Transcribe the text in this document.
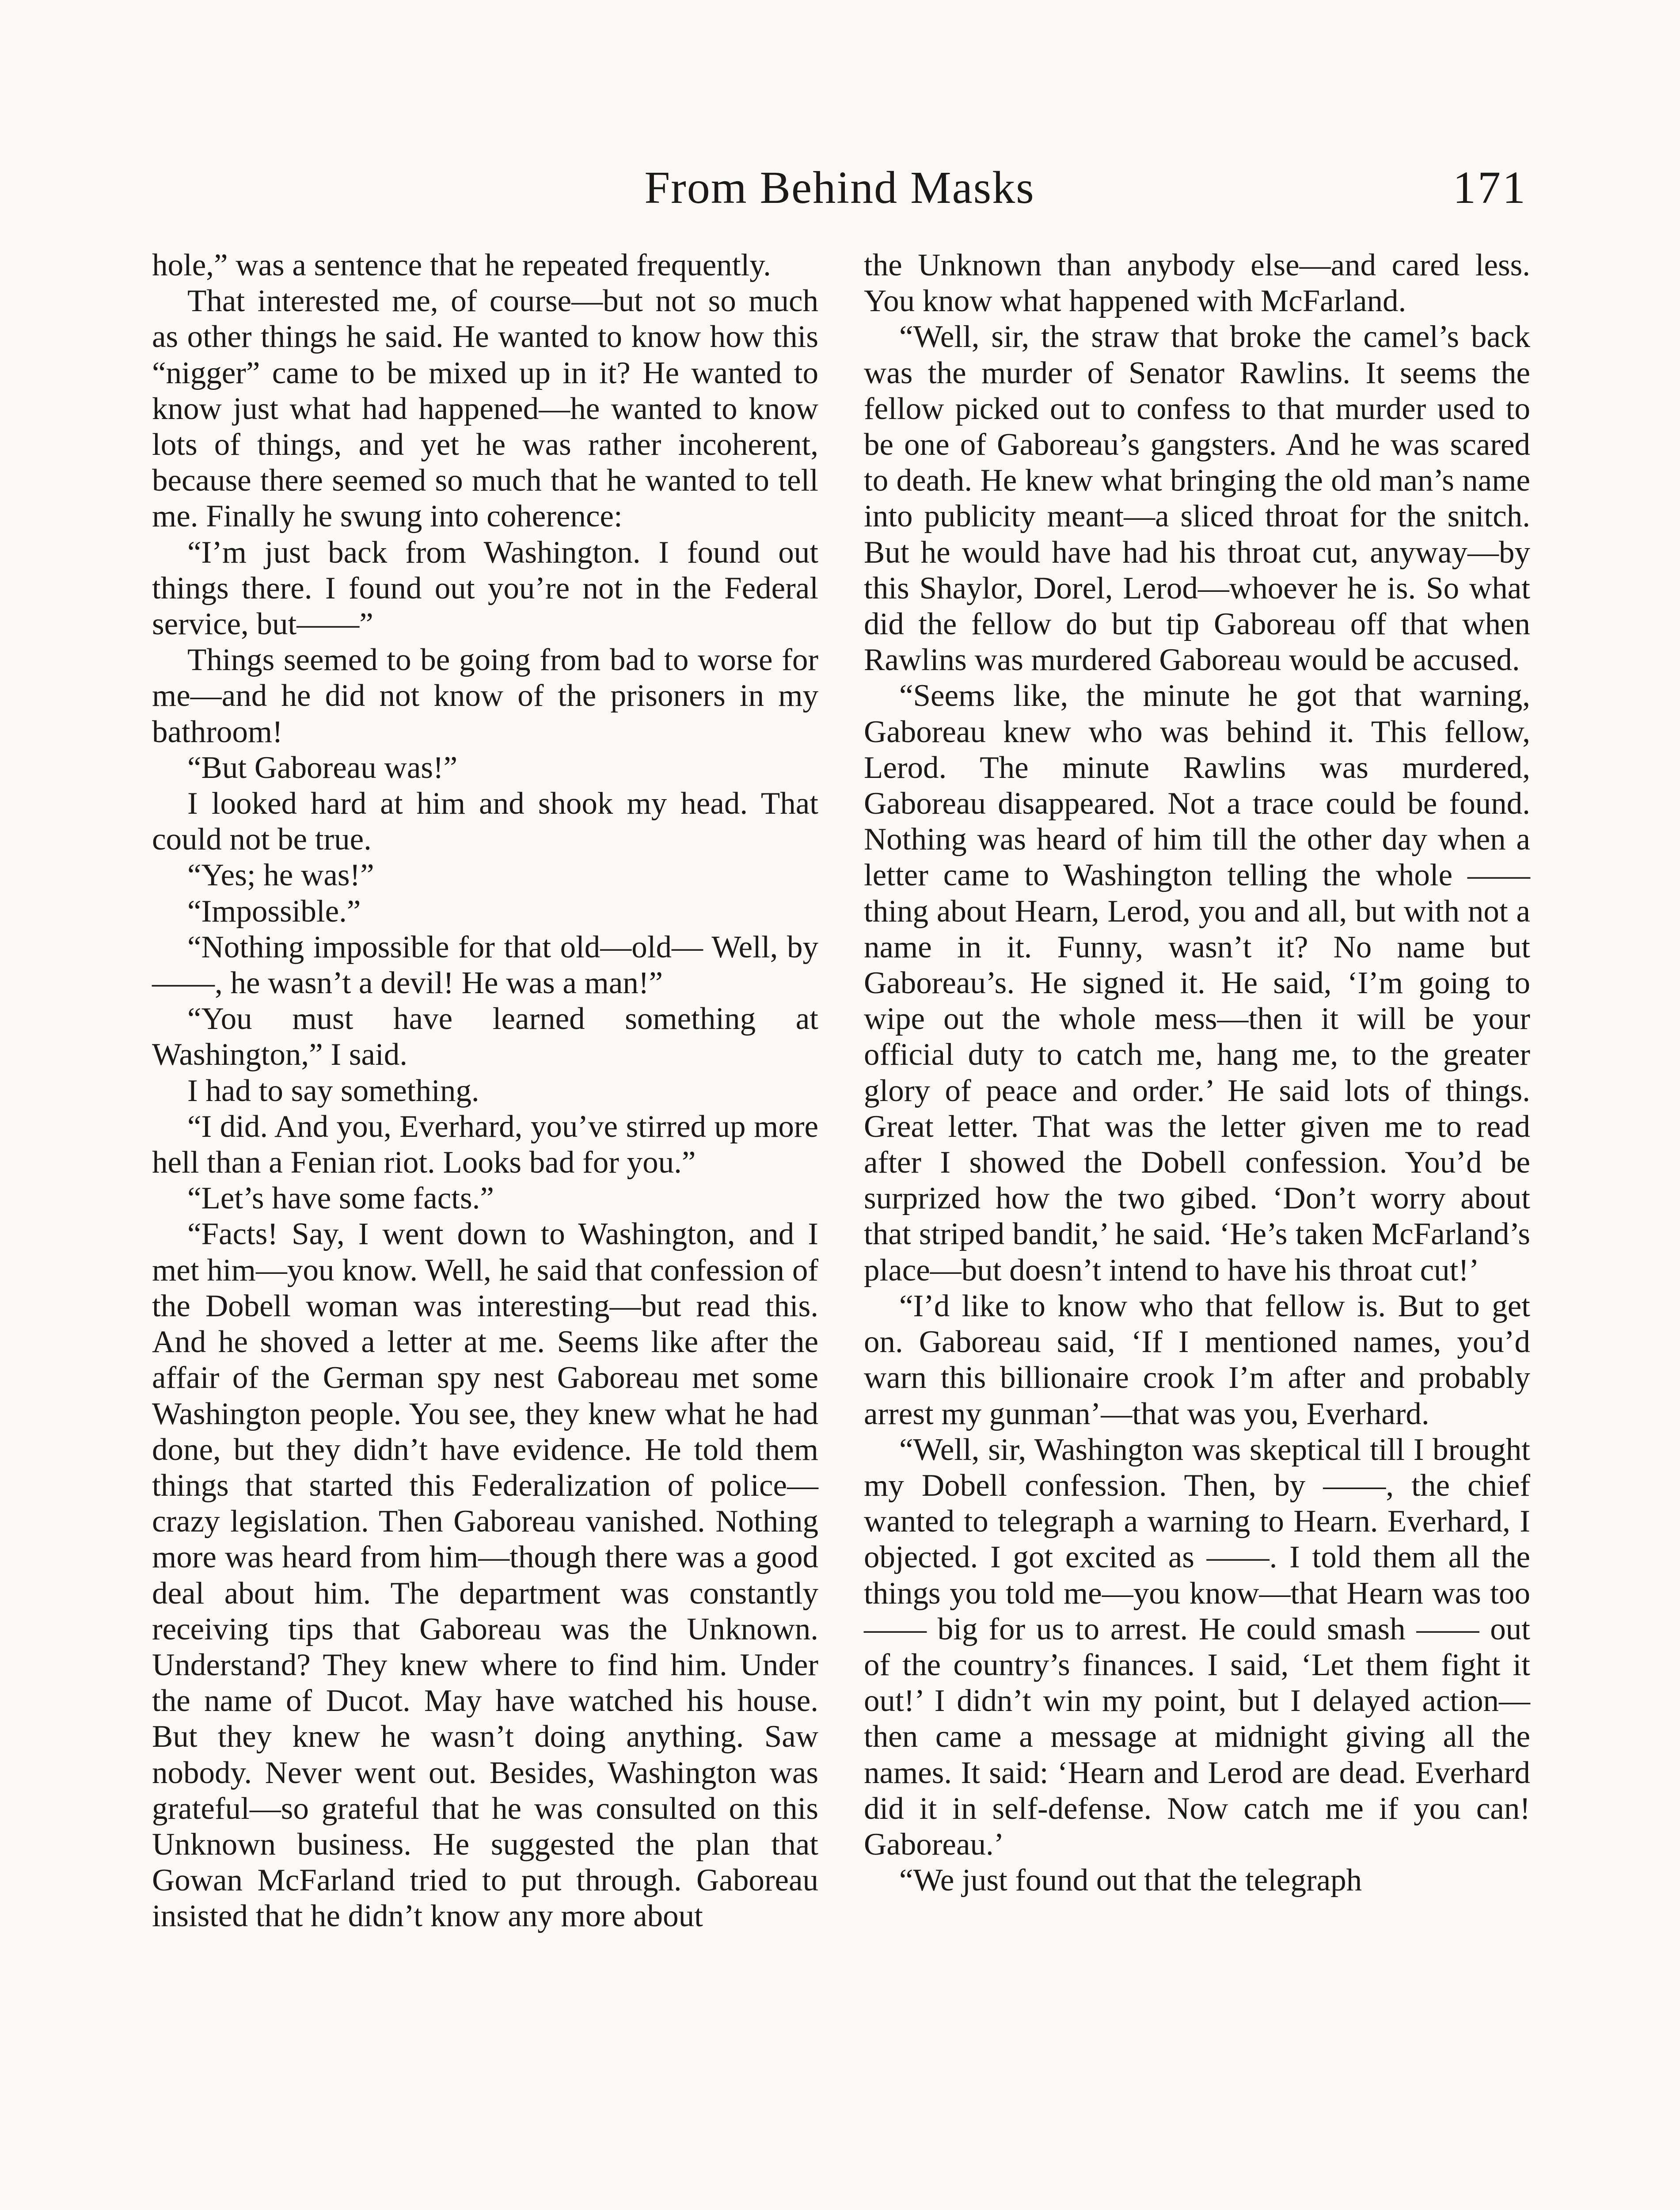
From Behind Masks	171

hole,” was a sentence that he repeated frequently.

That interested me, of course—but not so much as other things he said. He wanted to know how this “nigger” came to be mixed up in it? He wanted to know just what had happened—he wanted to know lots of things, and yet he was rather incoherent, because there seemed so much that he wanted to tell me. Finally he swung into coherence:

“I’m just back from Washington. I found out things there. I found out you’re not in the Federal service, but——”

Things seemed to be going from bad to worse for me—and he did not know of the prisoners in my bathroom!

“But Gaboreau was!”

I looked hard at him and shook my head. That could not be true.

“Yes; he was!”

“Impossible.”

“Nothing impossible for that old—old— Well, by ——, he wasn’t a devil! He was a man!”

“You must have learned something at Washington,” I said.

I had to say something.

“I did. And you, Everhard, you’ve stirred up more hell than a Fenian riot. Looks bad for you.”

“Let’s have some facts.”

“Facts! Say, I went down to Washington, and I met him—you know. Well, he said that confession of the Dobell woman was interesting—but read this. And he shoved a letter at me. Seems like after the affair of the German spy nest Gaboreau met some Washington people. You see, they knew what he had done, but they didn’t have evidence. He told them things that started this Federalization of police—crazy legislation. Then Gaboreau vanished. Nothing more was heard from him—though there was a good deal about him. The department was constantly receiving tips that Gaboreau was the Unknown. Understand? They knew where to find him. Under the name of Ducot. May have watched his house. But they knew he wasn’t doing anything. Saw nobody. Never went out. Besides, Washington was grateful—so grateful that he was consulted on this Unknown business. He suggested the plan that Gowan McFarland tried to put through. Gaboreau insisted that he didn’t know any more about

the Unknown than anybody else—and cared less. You know what happened with McFarland.

“Well, sir, the straw that broke the camel’s back was the murder of Senator Rawlins. It seems the fellow picked out to confess to that murder used to be one of Gaboreau’s gangsters. And he was scared to death. He knew what bringing the old man’s name into publicity meant—a sliced throat for the snitch. But he would have had his throat cut, anyway—by this Shaylor, Dorel, Lerod—whoever he is. So what did the fellow do but tip Gaboreau off that when Rawlins was murdered Gaboreau would be accused.

“Seems like, the minute he got that warning, Gaboreau knew who was behind it. This fellow, Lerod. The minute Rawlins was murdered, Gaboreau disappeared. Not a trace could be found. Nothing was heard of him till the other day when a letter came to Washington telling the whole —— thing about Hearn, Lerod, you and all, but with not a name in it. Funny, wasn’t it? No name but Gaboreau’s. He signed it. He said, ‘I’m going to wipe out the whole mess—then it will be your official duty to catch me, hang me, to the greater glory of peace and order.’ He said lots of things. Great letter. That was the letter given me to read after I showed the Dobell confession. You’d be surprized how the two gibed. ‘Don’t worry about that striped bandit,’ he said. ‘He’s taken McFarland’s place—but doesn’t intend to have his throat cut!’

“I’d like to know who that fellow is. But to get on. Gaboreau said, ‘If I mentioned names, you’d warn this billionaire crook I’m after and probably arrest my gunman’—that was you, Everhard.

“Well, sir, Washington was skeptical till I brought my Dobell confession. Then, by ——, the chief wanted to telegraph a warning to Hearn. Everhard, I objected. I got excited as ——. I told them all the things you told me—you know—that Hearn was too —— big for us to arrest. He could smash —— out of the country’s finances. I said, ‘Let them fight it out!’ I didn’t win my point, but I delayed action—then came a message at midnight giving all the names. It said: ‘Hearn and Lerod are dead. Everhard did it in self-defense. Now catch me if you can! Gaboreau.’

“We just found out that the telegraph
